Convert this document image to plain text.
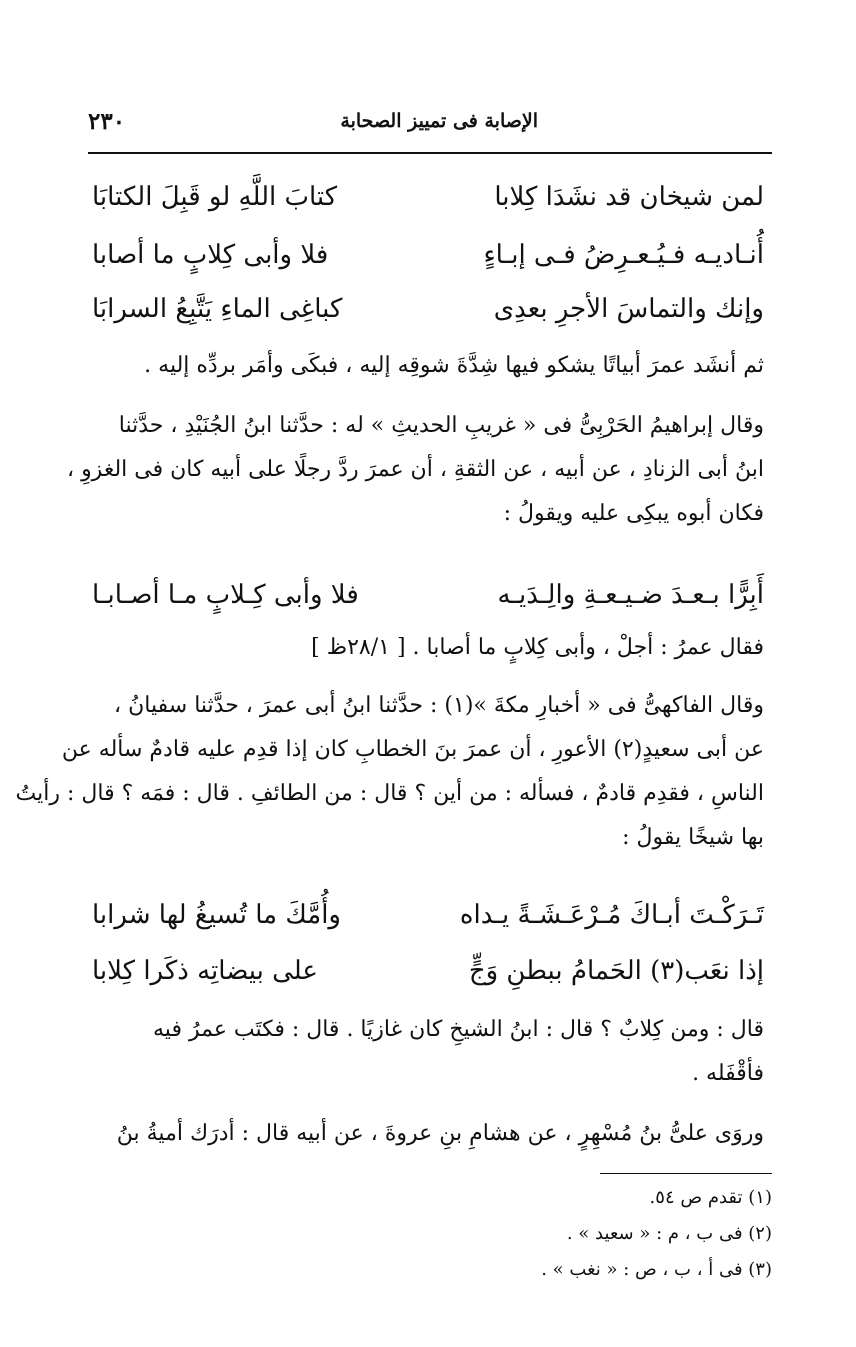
٢٣٠	الإصابة فى تمييز الصحابة
لمن شيخان قد نشَدَا كِلابا
كتابَ اللَّهِ لو قَبِلَ الكتابَا
أُنـاديـه فـيُـعـرِضُ فـى إبـاءٍ
فلا وأبى كِلابٍ ما أصابا
وإنك والتماسَ الأجرِ بعدِى
كباغِى الماءِ يَتَّبِعُ السرابَا
ثم أنشَد عمرَ أبياتًا يشكو فيها شِدَّةَ شوقِه إليه ، فبكَى وأمَر بردِّه إليه .
وقال إبراهيمُ الحَرْبِىُّ فى « غريبِ الحديثِ » له : حدَّثنا ابنُ الجُنَيْدِ ، حدَّثنا
ابنُ أبى الزنادِ ، عن أبيه ، عن الثقةِ ، أن عمرَ ردَّ رجلًا على أبيه كان فى الغزوِ ،
فكان أبوه يبكِى عليه ويقولُ :
أَبِرًّا بـعـدَ ضـيـعـةِ والِـدَيـه
فلا وأبى كِـلابٍ مـا أصـابـا
فقال عمرُ : أجلْ ، وأبى كِلابٍ ما أصابا . [ ٢٨/١ظ ]
وقال الفاكهىُّ فى « أخبارِ مكةَ »(١) : حدَّثنا ابنُ أبى عمرَ ، حدَّثنا سفيانُ ،
عن أبى سعيدٍ(٢) الأعورِ ، أن عمرَ بنَ الخطابِ كان إذا قدِم عليه قادمٌ سأله عن
الناسِ ، فقدِم قادمٌ ، فسأله : من أين ؟ قال : من الطائفِ . قال : فمَه ؟ قال : رأيتُ
بها شيخًا يقولُ :
تَـرَكْـتَ أبـاكَ مُـرْعَـشَـةً يـداه
وأُمَّكَ ما تُسيغُ لها شرابا
إذا نعَب(٣) الحَمامُ ببطنِ وَجٍّ
على بيضاتِه ذكَرا كِلابا
قال : ومن كِلابٌ ؟ قال : ابنُ الشيخِ كان غازيًا . قال : فكتَب عمرُ فيه
فأقْفَله .
وروَى علىُّ بنُ مُسْهِرٍ ، عن هشامِ بنِ عروةَ ، عن أبيه قال : أدرَك أميةُ بنُ
(١) تقدم ص ٥٤.
(٢) فى ب ، م : « سعيد » .
(٣) فى أ ، ب ، ص : « نغب » .
